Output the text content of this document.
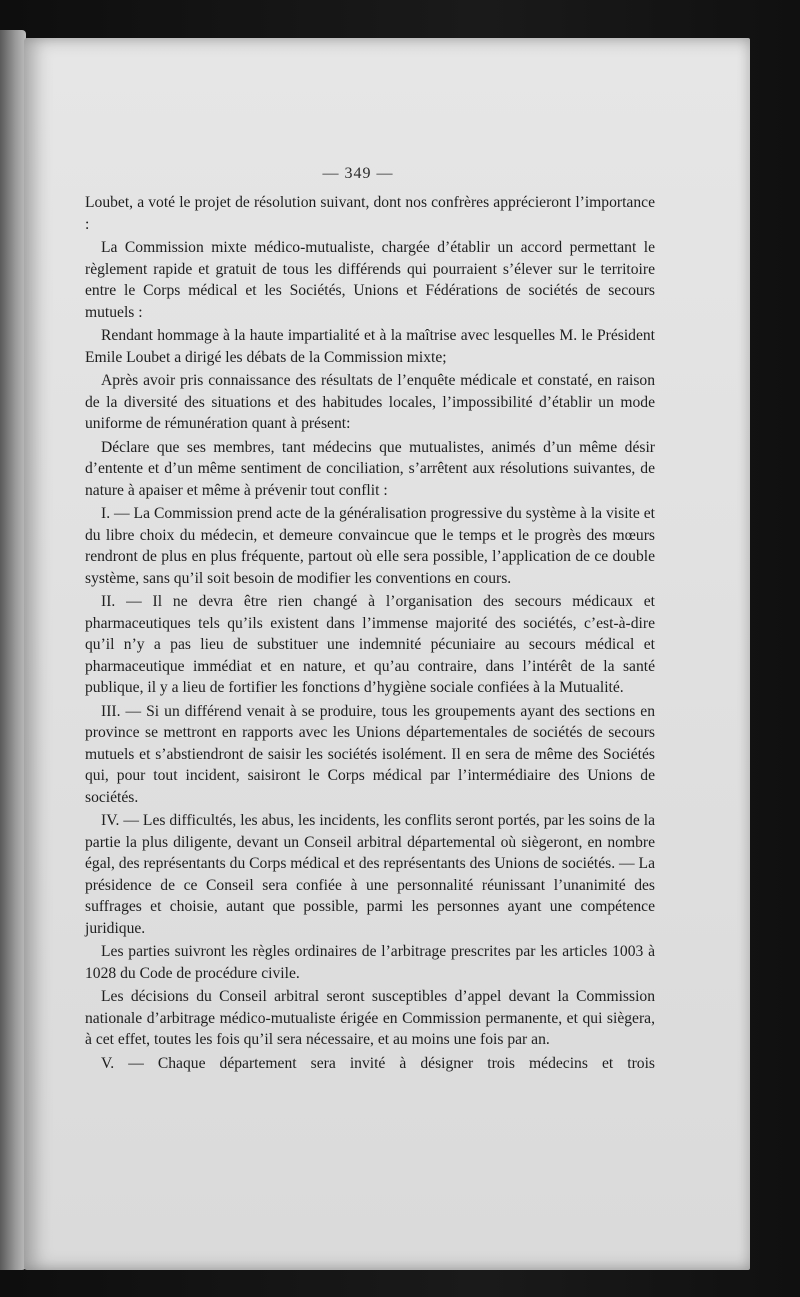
— 349 —

Loubet, a voté le projet de résolution suivant, dont nos confrères apprécieront l’importance :

La Commission mixte médico-mutualiste, chargée d’établir un accord permettant le règlement rapide et gratuit de tous les différends qui pourraient s’élever sur le territoire entre le Corps médical et les Sociétés, Unions et Fédérations de sociétés de secours mutuels :

Rendant hommage à la haute impartialité et à la maîtrise avec lesquelles M. le Président Emile Loubet a dirigé les débats de la Commission mixte;

Après avoir pris connaissance des résultats de l’enquête médicale et constaté, en raison de la diversité des situations et des habitudes locales, l’impossibilité d’établir un mode uniforme de rémunération quant à présent:

Déclare que ses membres, tant médecins que mutualistes, animés d’un même désir d’entente et d’un même sentiment de conciliation, s’arrêtent aux résolutions suivantes, de nature à apaiser et même à prévenir tout conflit :

I. — La Commission prend acte de la généralisation progressive du système à la visite et du libre choix du médecin, et demeure convaincue que le temps et le progrès des mœurs rendront de plus en plus fréquente, partout où elle sera possible, l’application de ce double système, sans qu’il soit besoin de modifier les conventions en cours.

II. — Il ne devra être rien changé à l’organisation des secours médicaux et pharmaceutiques tels qu’ils existent dans l’immense majorité des sociétés, c’est-à-dire qu’il n’y a pas lieu de substituer une indemnité pécuniaire au secours médical et pharmaceutique immédiat et en nature, et qu’au contraire, dans l’intérêt de la santé publique, il y a lieu de fortifier les fonctions d’hygiène sociale confiées à la Mutualité.

III. — Si un différend venait à se produire, tous les groupements ayant des sections en province se mettront en rapports avec les Unions départementales de sociétés de secours mutuels et s’abstiendront de saisir les sociétés isolément. Il en sera de même des Sociétés qui, pour tout incident, saisiront le Corps médical par l’intermédiaire des Unions de sociétés.

IV. — Les difficultés, les abus, les incidents, les conflits seront portés, par les soins de la partie la plus diligente, devant un Conseil arbitral départemental où siègeront, en nombre égal, des représentants du Corps médical et des représentants des Unions de sociétés. — La présidence de ce Conseil sera confiée à une personnalité réunissant l’unanimité des suffrages et choisie, autant que possible, parmi les personnes ayant une compétence juridique.

Les parties suivront les règles ordinaires de l’arbitrage prescrites par les articles 1003 à 1028 du Code de procédure civile.

Les décisions du Conseil arbitral seront susceptibles d’appel devant la Commission nationale d’arbitrage médico-mutualiste érigée en Commission permanente, et qui siègera, à cet effet, toutes les fois qu’il sera nécessaire, et au moins une fois par an.

V. — Chaque département sera invité à désigner trois médecins et trois
